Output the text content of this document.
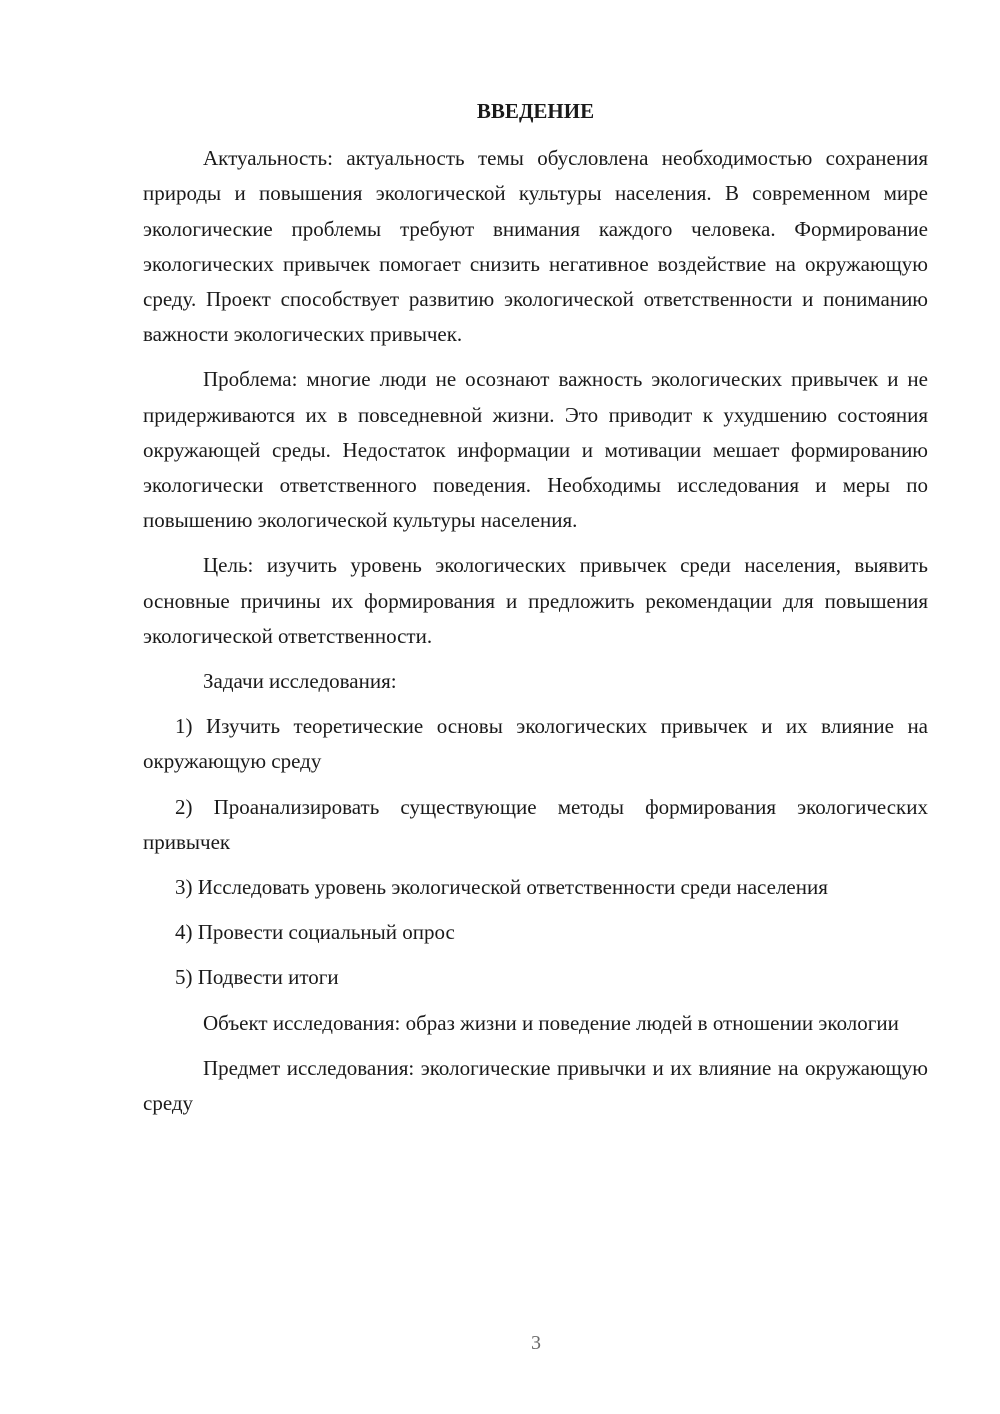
ВВЕДЕНИЕ

Актуальность: актуальность темы обусловлена необходимостью сохранения природы и повышения экологической культуры населения. В современном мире экологические проблемы требуют внимания каждого человека. Формирование экологических привычек помогает снизить негативное воздействие на окружающую среду. Проект способствует развитию экологической ответственности и пониманию важности экологических привычек.

Проблема: многие люди не осознают важность экологических привычек и не придерживаются их в повседневной жизни. Это приводит к ухудшению состояния окружающей среды. Недостаток информации и мотивации мешает формированию экологически ответственного поведения. Необходимы исследования и меры по повышению экологической культуры населения.

Цель: изучить уровень экологических привычек среди населения, выявить основные причины их формирования и предложить рекомендации для повышения экологической ответственности.

Задачи исследования:

1) Изучить теоретические основы экологических привычек и их влияние на окружающую среду

2) Проанализировать существующие методы формирования экологических привычек

3) Исследовать уровень экологической ответственности среди населения

4) Провести социальный опрос

5) Подвести итоги

Объект исследования: образ жизни и поведение людей в отношении экологии

Предмет исследования: экологические привычки и их влияние на окружающую среду

3
